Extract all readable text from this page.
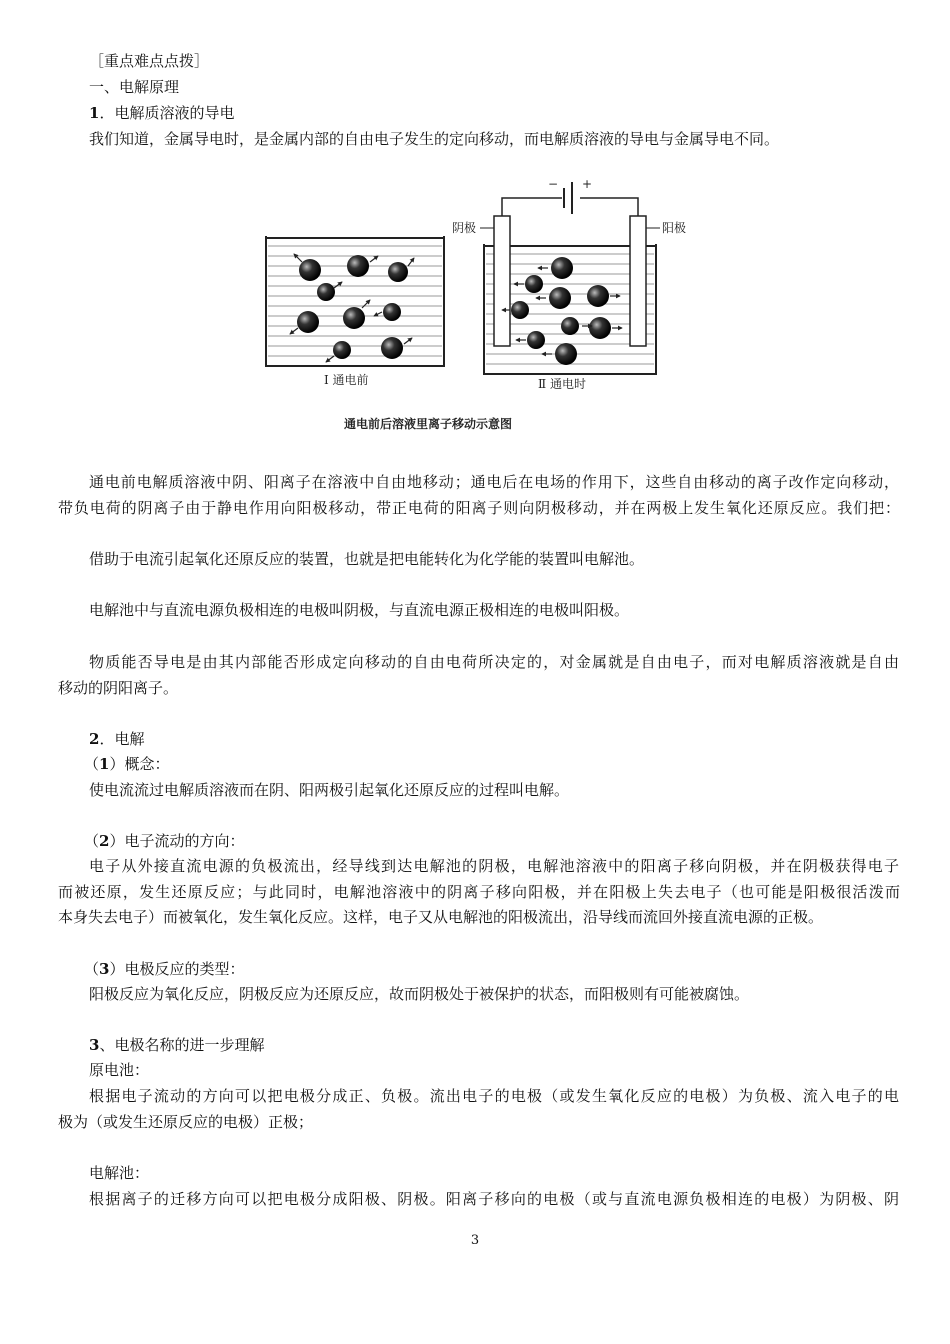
［重点难点点拨］
一、电解原理
1．电解质溶液的导电
我们知道，金属导电时，是金属内部的自由电子发生的定向移动，而电解质溶液的导电与金属导电不同。
Ⅰ 通电前
− +
阴极	阳极
Ⅱ 通电时
通电前后溶液里离子移动示意图
通电前电解质溶液中阴、阳离子在溶液中自由地移动；通电后在电场的作用下，这些自由移动的离子改作定向移动，
带负电荷的阴离子由于静电作用向阳极移动，带正电荷的阳离子则向阴极移动，并在两极上发生氧化还原反应。我们把：
借助于电流引起氧化还原反应的装置，也就是把电能转化为化学能的装置叫电解池。
电解池中与直流电源负极相连的电极叫阴极，与直流电源正极相连的电极叫阳极。
物质能否导电是由其内部能否形成定向移动的自由电荷所决定的，对金属就是自由电子，而对电解质溶液就是自由
移动的阴阳离子。
2．电解
（1）概念：
使电流流过电解质溶液而在阴、阳两极引起氧化还原反应的过程叫电解。
（2）电子流动的方向：
电子从外接直流电源的负极流出，经导线到达电解池的阴极，电解池溶液中的阳离子移向阴极，并在阴极获得电子
而被还原，发生还原反应；与此同时，电解池溶液中的阴离子移向阳极，并在阳极上失去电子（也可能是阳极很活泼而
本身失去电子）而被氧化，发生氧化反应。这样，电子又从电解池的阳极流出，沿导线而流回外接直流电源的正极。
（3）电极反应的类型：
阳极反应为氧化反应，阴极反应为还原反应，故而阴极处于被保护的状态，而阳极则有可能被腐蚀。
3、电极名称的进一步理解
原电池：
根据电子流动的方向可以把电极分成正、负极。流出电子的电极（或发生氧化反应的电极）为负极、流入电子的电
极为（或发生还原反应的电极）正极；
电解池：
根据离子的迁移方向可以把电极分成阳极、阴极。阳离子移向的电极（或与直流电源负极相连的电极）为阴极、阴
3
